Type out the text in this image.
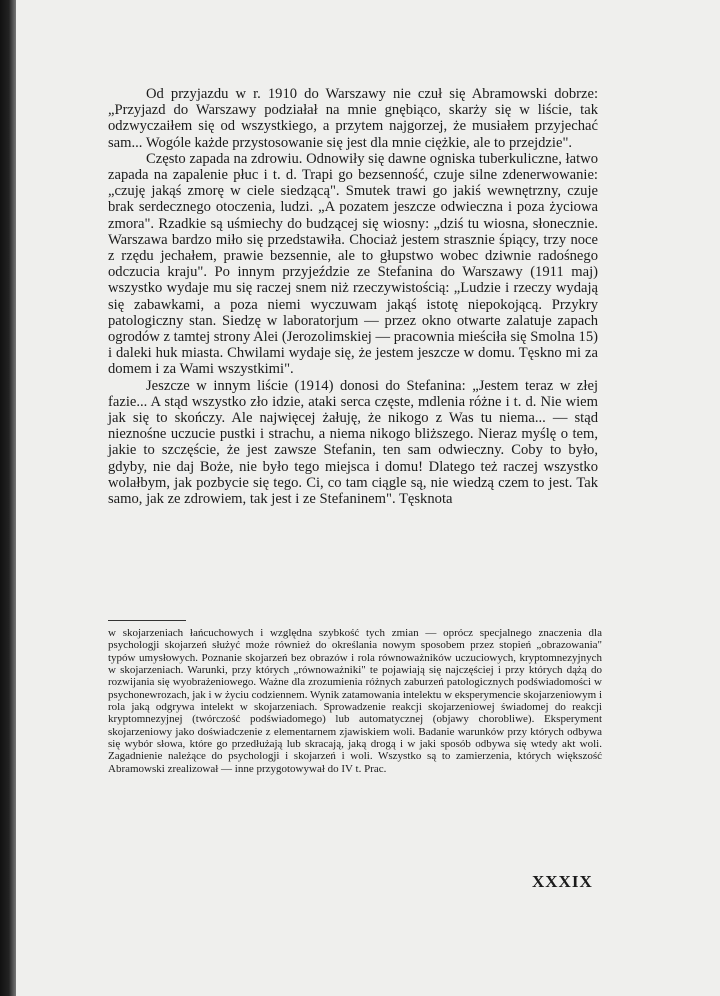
Od przyjazdu w r. 1910 do Warszawy nie czuł się Abramowski dobrze: „Przyjazd do Warszawy podziałał na mnie gnębiąco, skarży się w liście, tak odzwyczaiłem się od wszystkiego, a przytem najgorzej, że musiałem przyjechać sam... Wogóle każde przystosowanie się jest dla mnie ciężkie, ale to przejdzie".

Często zapada na zdrowiu. Odnowiły się dawne ogniska tuberkuliczne, łatwo zapada na zapalenie płuc i t. d. Trapi go bezsenność, czuje silne zdenerwowanie: „czuję jakąś zmorę w ciele siedzącą". Smutek trawi go jakiś wewnętrzny, czuje brak serdecznego otoczenia, ludzi. „A pozatem jeszcze odwieczna i poza życiowa zmora". Rzadkie są uśmiechy do budzącej się wiosny: „dziś tu wiosna, słonecznie. Warszawa bardzo miło się przedstawiła. Chociaż jestem strasznie śpiący, trzy noce z rzędu jechałem, prawie bezsennie, ale to głupstwo wobec dziwnie radośnego odczucia kraju". Po innym przyjeździe ze Stefanina do Warszawy (1911 maj) wszystko wydaje mu się raczej snem niż rzeczywistością: „Ludzie i rzeczy wydają się zabawkami, a poza niemi wyczuwam jakąś istotę niepokojącą. Przykry patologiczny stan. Siedzę w laboratorjum — przez okno otwarte zalatuje zapach ogrodów z tamtej strony Alei (Jerozolimskiej — pracownia mieściła się Smolna 15) i daleki huk miasta. Chwilami wydaje się, że jestem jeszcze w domu. Tęskno mi za domem i za Wami wszystkimi".

Jeszcze w innym liście (1914) donosi do Stefanina: „Jestem teraz w złej fazie... A stąd wszystko zło idzie, ataki serca częste, mdlenia różne i t. d. Nie wiem jak się to skończy. Ale najwięcej żałuję, że nikogo z Was tu niema... — stąd nieznośne uczucie pustki i strachu, a niema nikogo bliższego. Nieraz myślę o tem, jakie to szczęście, że jest zawsze Stefanin, ten sam odwieczny. Coby to było, gdyby, nie daj Boże, nie było tego miejsca i domu! Dlatego też raczej wszystko wolałbym, jak pozbycie się tego. Ci, co tam ciągle są, nie wiedzą czem to jest. Tak samo, jak ze zdrowiem, tak jest i ze Stefaninem". Tęsknota

w skojarzeniach łańcuchowych i względna szybkość tych zmian — oprócz specjalnego znaczenia dla psychologji skojarzeń służyć może również do określania nowym sposobem przez stopień „obrazowania" typów umysłowych. Poznanie skojarzeń bez obrazów i rola równoważników uczuciowych, kryptomnezyjnych w skojarzeniach. Warunki, przy których „równoważniki" te pojawiają się najczęściej i przy których dążą do rozwijania się wyobrażeniowego. Ważne dla zrozumienia różnych zaburzeń patologicznych podświadomości w psychonewrozach, jak i w życiu codziennem. Wynik zatamowania intelektu w eksperymencie skojarzeniowym i rola jaką odgrywa intelekt w skojarzeniach. Sprowadzenie reakcji skojarzeniowej świadomej do reakcji kryptomnezyjnej (twórczość podświadomego) lub automatycznej (objawy chorobliwe). Eksperyment skojarzeniowy jako doświadczenie z elementarnem zjawiskiem woli. Badanie warunków przy których odbywa się wybór słowa, które go przedłużają lub skracają, jaką drogą i w jaki sposób odbywa się wtedy akt woli. Zagadnienie należące do psychologji i skojarzeń i woli. Wszystko są to zamierzenia, których większość Abramowski zrealizował — inne przygotowywał do IV t. Prac.
XXXIX
